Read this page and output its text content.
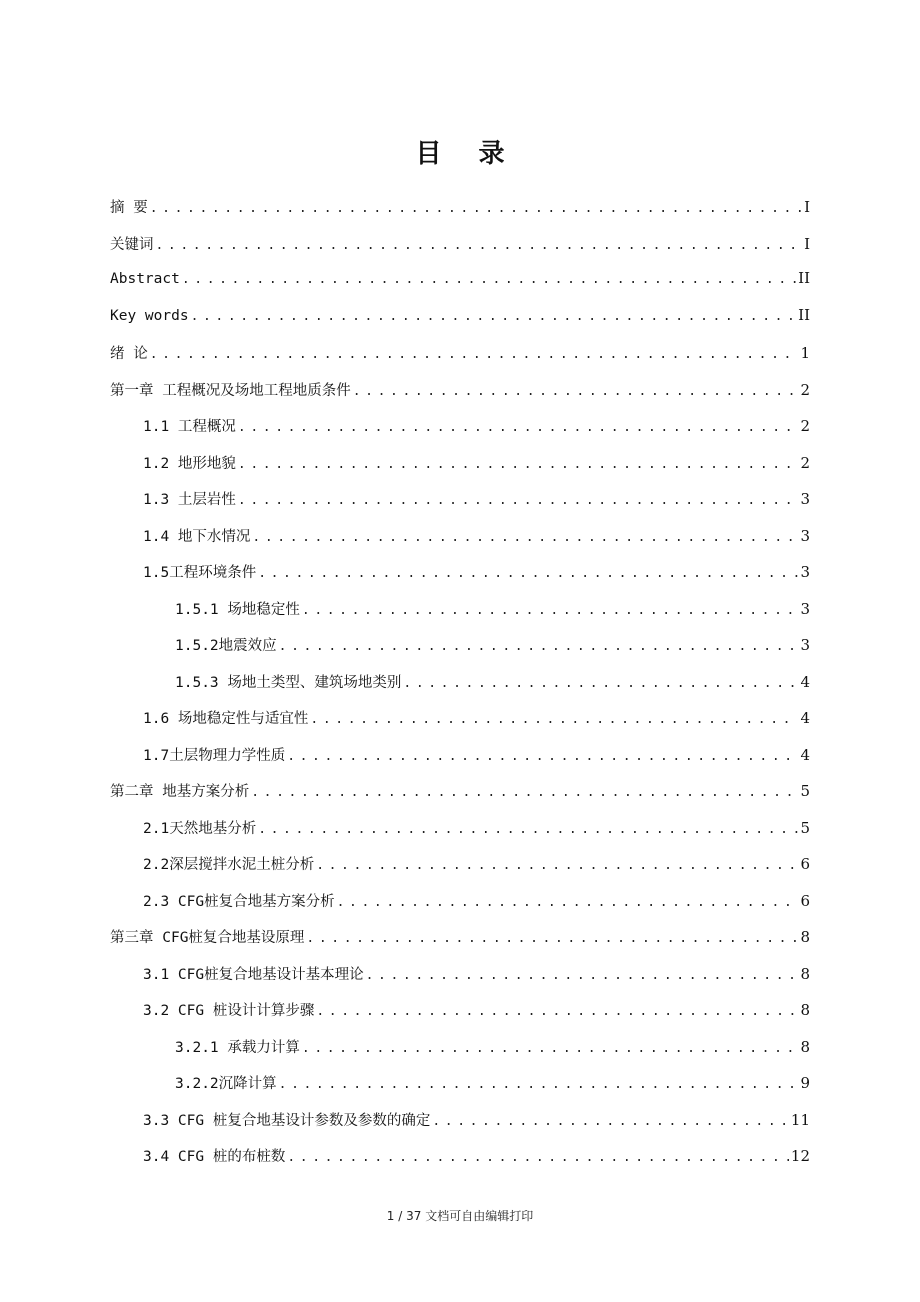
目 录
摘 要 .....	I
关键词 .....	I
Abstract .....	II
Key words .....	II
绪 论 .....	1
第一章 工程概况及场地工程地质条件 .....	2
1.1 工程概况 .....	2
1.2 地形地貌 .....	2
1.3 土层岩性 .....	3
1.4 地下水情况 .....	3
1.5工程环境条件 .....	3
1.5.1 场地稳定性 .....	3
1.5.2地震效应 .....	3
1.5.3 场地土类型、建筑场地类别 .....	4
1.6 场地稳定性与适宜性 .....	4
1.7土层物理力学性质 .....	4
第二章 地基方案分析 .....	5
2.1天然地基分析 .....	5
2.2深层搅拌水泥土桩分析 .....	6
2.3 CFG桩复合地基方案分析 .....	6
第三章 CFG桩复合地基设原理 .....	8
3.1 CFG桩复合地基设计基本理论 .....	8
3.2 CFG 桩设计计算步骤 .....	8
3.2.1 承载力计算 .....	8
3.2.2沉降计算 .....	9
3.3 CFG 桩复合地基设计参数及参数的确定 .....	11
3.4 CFG 桩的布桩数 .....	12
1 / 37 文档可自由编辑打印
